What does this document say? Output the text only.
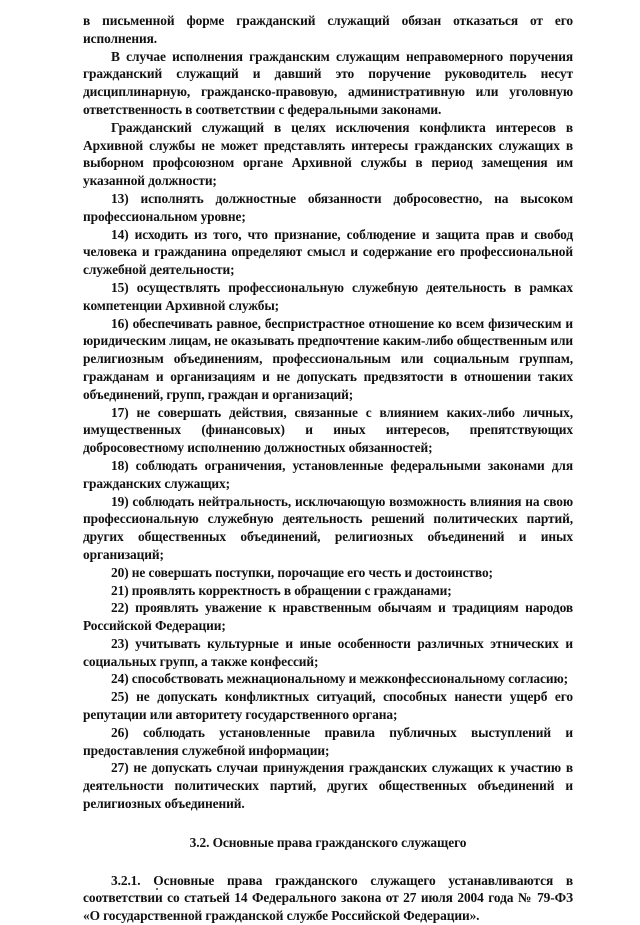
в письменной форме гражданский служащий обязан отказаться от его исполнения.

В случае исполнения гражданским служащим неправомерного поручения гражданский служащий и давший это поручение руководитель несут дисциплинарную, гражданско-правовую, административную или уголовную ответственность в соответствии с федеральными законами.

Гражданский служащий в целях исключения конфликта интересов в Архивной службы не может представлять интересы гражданских служащих в выборном профсоюзном органе Архивной службы в период замещения им указанной должности;

13) исполнять должностные обязанности добросовестно, на высоком профессиональном уровне;

14) исходить из того, что признание, соблюдение и защита прав и свобод человека и гражданина определяют смысл и содержание его профессиональной служебной деятельности;

15) осуществлять профессиональную служебную деятельность в рамках компетенции Архивной службы;

16) обеспечивать равное, беспристрастное отношение ко всем физическим и юридическим лицам, не оказывать предпочтение каким-либо общественным или религиозным объединениям, профессиональным или социальным группам, гражданам и организациям и не допускать предвзятости в отношении таких объединений, групп, граждан и организаций;

17) не совершать действия, связанные с влиянием каких-либо личных, имущественных (финансовых) и иных интересов, препятствующих добросовестному исполнению должностных обязанностей;

18) соблюдать ограничения, установленные федеральными законами для гражданских служащих;

19) соблюдать нейтральность, исключающую возможность влияния на свою профессиональную служебную деятельность решений политических партий, других общественных объединений, религиозных объединений и иных организаций;

20) не совершать поступки, порочащие его честь и достоинство;

21) проявлять корректность в обращении с гражданами;

22) проявлять уважение к нравственным обычаям и традициям народов Российской Федерации;

23) учитывать культурные и иные особенности различных этнических и социальных групп, а также конфессий;

24) способствовать межнациональному и межконфессиональному согласию;

25) не допускать конфликтных ситуаций, способных нанести ущерб его репутации или авторитету государственного органа;

26) соблюдать установленные правила публичных выступлений и предоставления служебной информации;

27) не допускать случаи принуждения гражданских служащих к участию в деятельности политических партий, других общественных объединений и религиозных объединений.

3.2. Основные права гражданского служащего

3.2.1. Основные права гражданского служащего устанавливаются в соответствии со статьей 14 Федерального закона от 27 июля 2004 года № 79-ФЗ «О государственной гражданской службе Российской Федерации».
